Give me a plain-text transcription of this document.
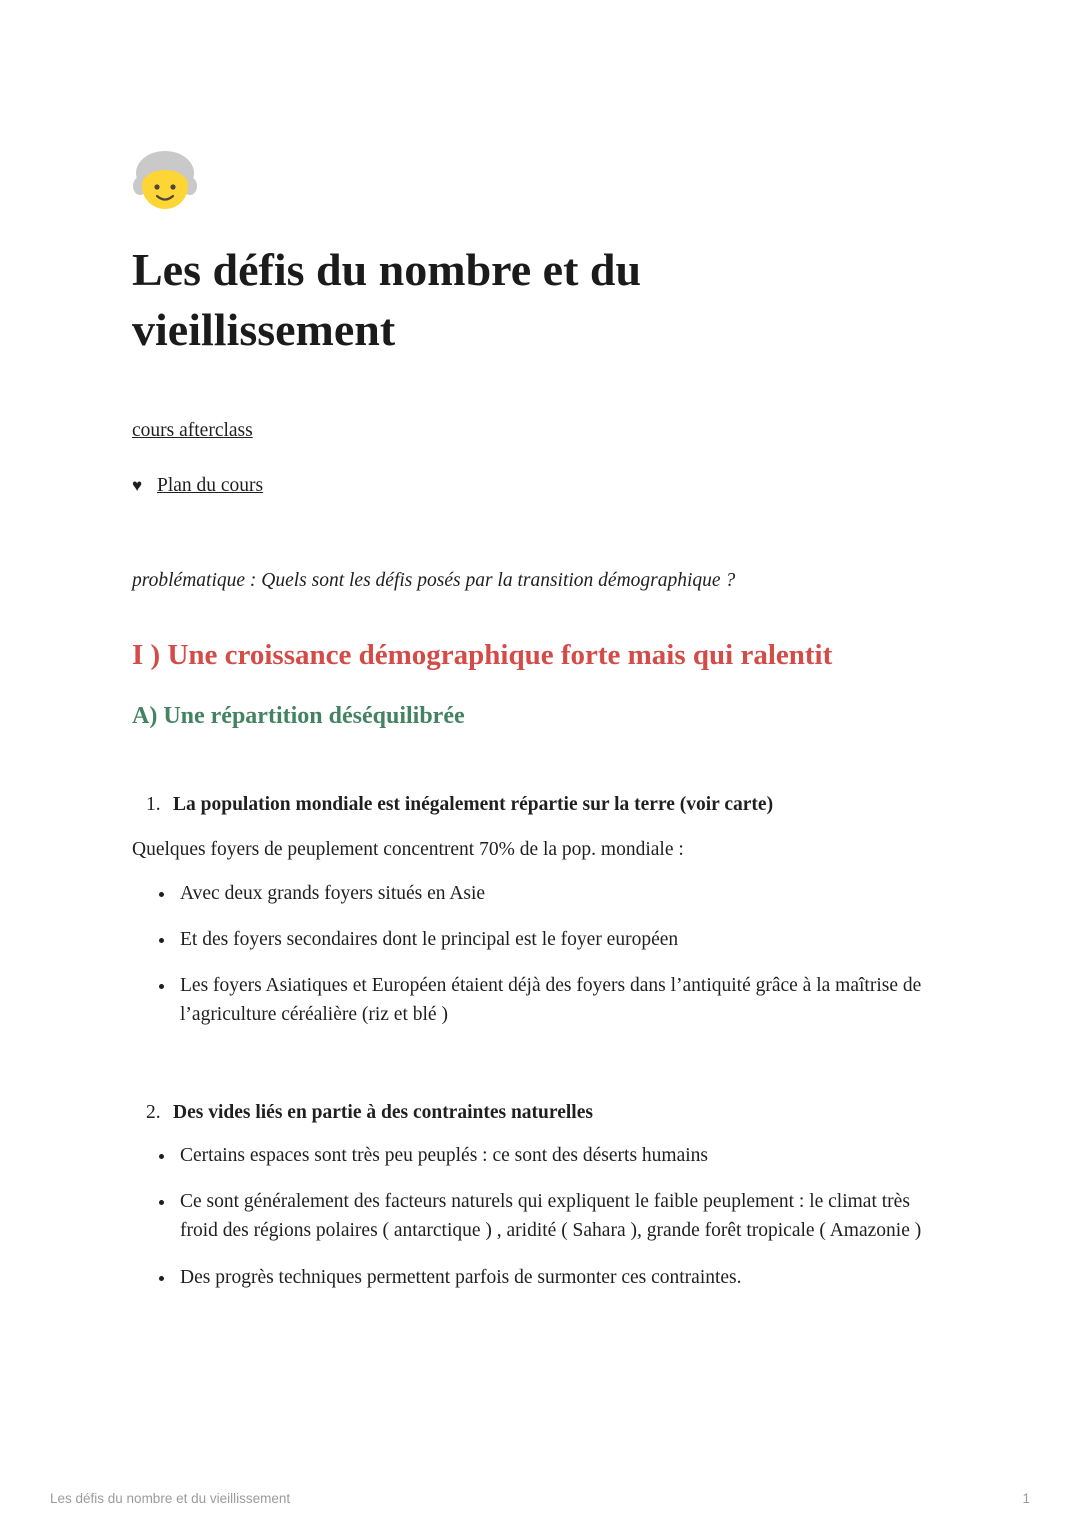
Les défis du nombre et du vieillissement

cours afterclass

♥ Plan du cours

problématique : Quels sont les défis posés par la transition démographique ?

I ) Une croissance démographique forte mais qui ralentit
A) Une répartition déséquilibrée
1. La population mondiale est inégalement répartie sur la terre (voir carte)

Quelques foyers de peuplement concentrent 70% de la pop. mondiale :

• Avec deux grands foyers situés en Asie
• Et des foyers secondaires dont le principal est le foyer européen
• Les foyers Asiatiques et Européen étaient déjà des foyers dans l’antiquité grâce à la maîtrise de l’agriculture céréalière (riz et blé )
2. Des vides liés en partie à des contraintes naturelles
• Certains espaces sont très peu peuplés : ce sont des déserts humains
• Ce sont généralement des facteurs naturels qui expliquent le faible peuplement : le climat très froid des régions polaires ( antarctique ) , aridité ( Sahara ), grande forêt tropicale ( Amazonie )
• Des progrès techniques permettent parfois de surmonter ces contraintes.
Les défis du nombre et du vieillissement	1
